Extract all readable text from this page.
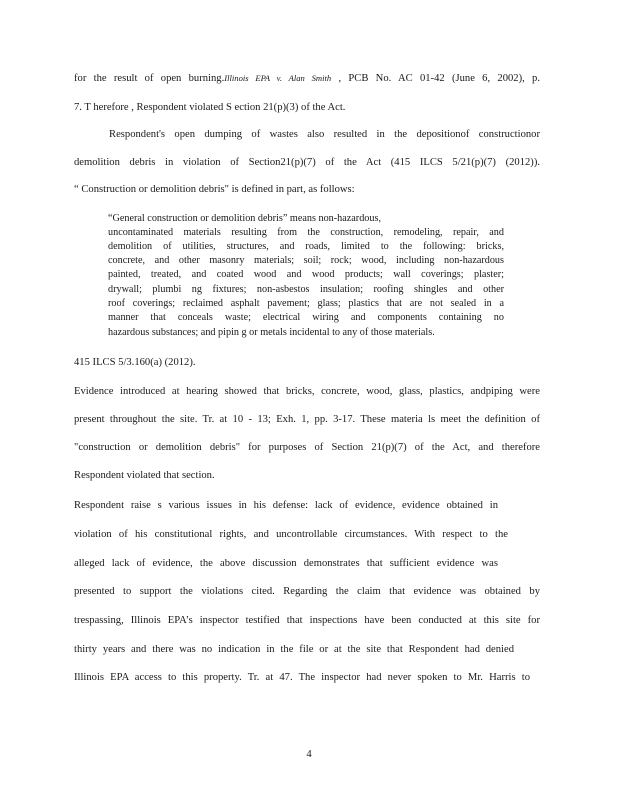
for the result of open burning.Illinois EPA v. Alan Smith , PCB No. AC 01-42 (June 6, 2002), p.
7. T herefore , Respondent violated S ection 21(p)(3) of the Act.
Respondent's open dumping of wastes also resulted in the depositionof constructionor
demolition debris in violation of Section21(p)(7) of the Act (415 ILCS 5/21(p)(7) (2012)).
“ Construction or demolition debris" is defined in part, as follows:
“General construction or demolition debris” means non-hazardous,
uncontaminated materials resulting from the construction, remodeling, repair, and
demolition of utilities, structures, and roads, limited to the following: bricks,
concrete, and other masonry materials; soil; rock; wood, including non-hazardous
painted, treated, and coated wood and wood products; wall coverings; plaster;
drywall; plumbi ng fixtures; non-asbestos insulation; roofing shingles and other
roof coverings; reclaimed asphalt pavement; glass; plastics that are not sealed in a
manner that conceals waste; electrical wiring and components containing no
hazardous substances; and pipin g or metals incidental to any of those materials.
415 ILCS 5/3.160(a) (2012).
Evidence introduced at hearing showed that bricks, concrete, wood, glass, plastics, andpiping were
present throughout the site. Tr. at 10 - 13; Exh. 1, pp. 3-17. These materia ls meet the definition of
"construction or demolition debris" for purposes of Section 21(p)(7) of the Act, and therefore
Respondent violated that section.
Respondent raise s various issues in his defense: lack of evidence, evidence obtained in
violation of his constitutional rights, and uncontrollable circumstances. With respect to the
alleged lack of evidence, the above discussion demonstrates that sufficient evidence was
presented to support the violations cited. Regarding the claim that evidence was obtained by
trespassing, Illinois EPA’s inspector testified that inspections have been conducted at this site for
thirty years and there was no indication in the file or at the site that Respondent had denied
Illinois EPA access to this property. Tr. at 47. The inspector had never spoken to Mr. Harris to
4
